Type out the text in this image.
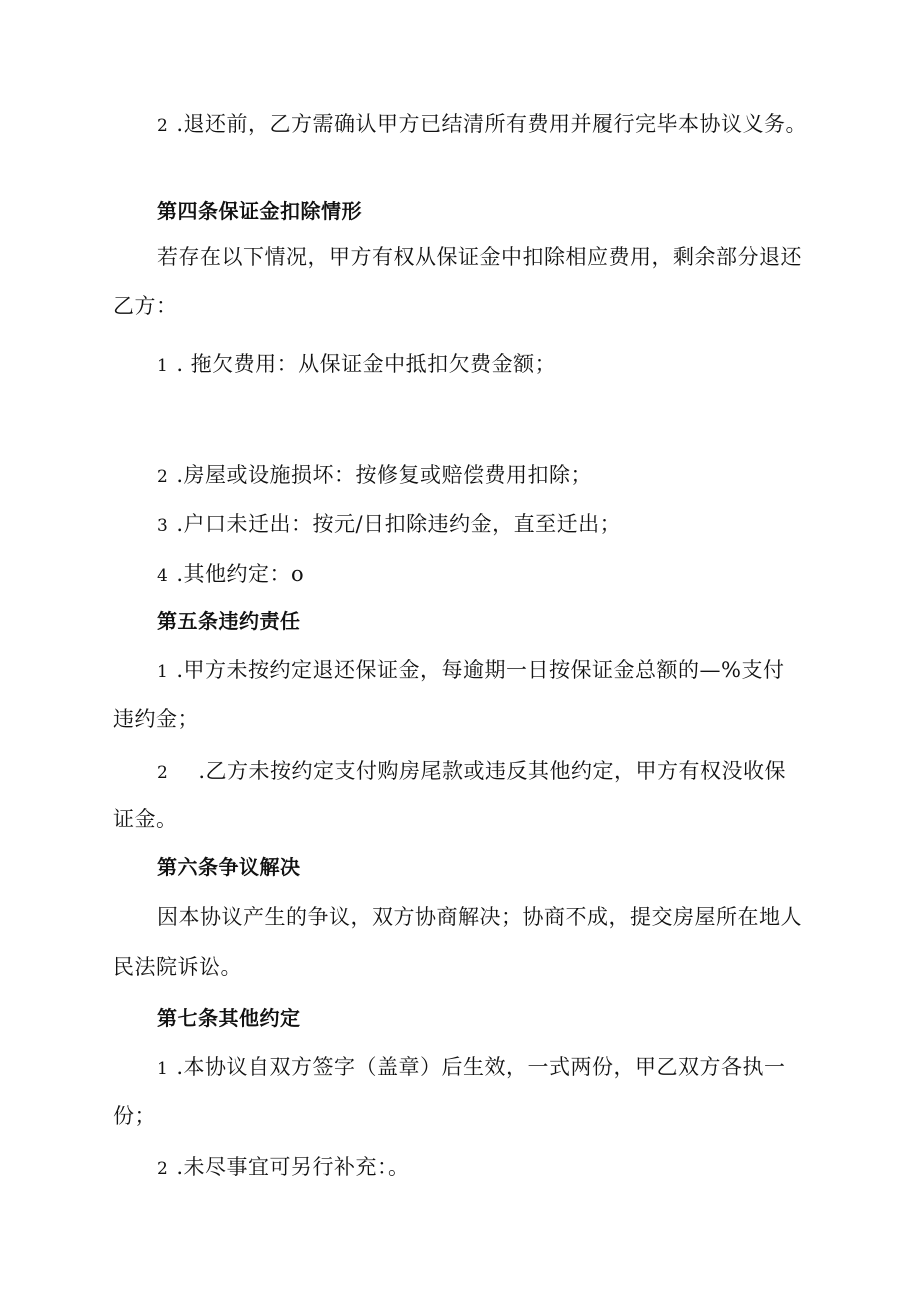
2 .退还前，乙方需确认甲方已结清所有费用并履行完毕本协议义务。
第四条保证金扣除情形
若存在以下情况，甲方有权从保证金中扣除相应费用，剩余部分退还
乙方：
1 . 拖欠费用：从保证金中抵扣欠费金额；
2 .房屋或设施损坏：按修复或赔偿费用扣除；
3 .户口未迁出：按元/日扣除违约金，直至迁出；
4 .其他约定：o
第五条违约责任
1 .甲方未按约定退还保证金，每逾期一日按保证金总额的—%支付
违约金；
2 .乙方未按约定支付购房尾款或违反其他约定，甲方有权没收保
证金。
第六条争议解决
因本协议产生的争议，双方协商解决；协商不成，提交房屋所在地人
民法院诉讼。
第七条其他约定
1 .本协议自双方签字（盖章）后生效，一式两份，甲乙双方各执一
份；
2 .未尽事宜可另行补充：。
